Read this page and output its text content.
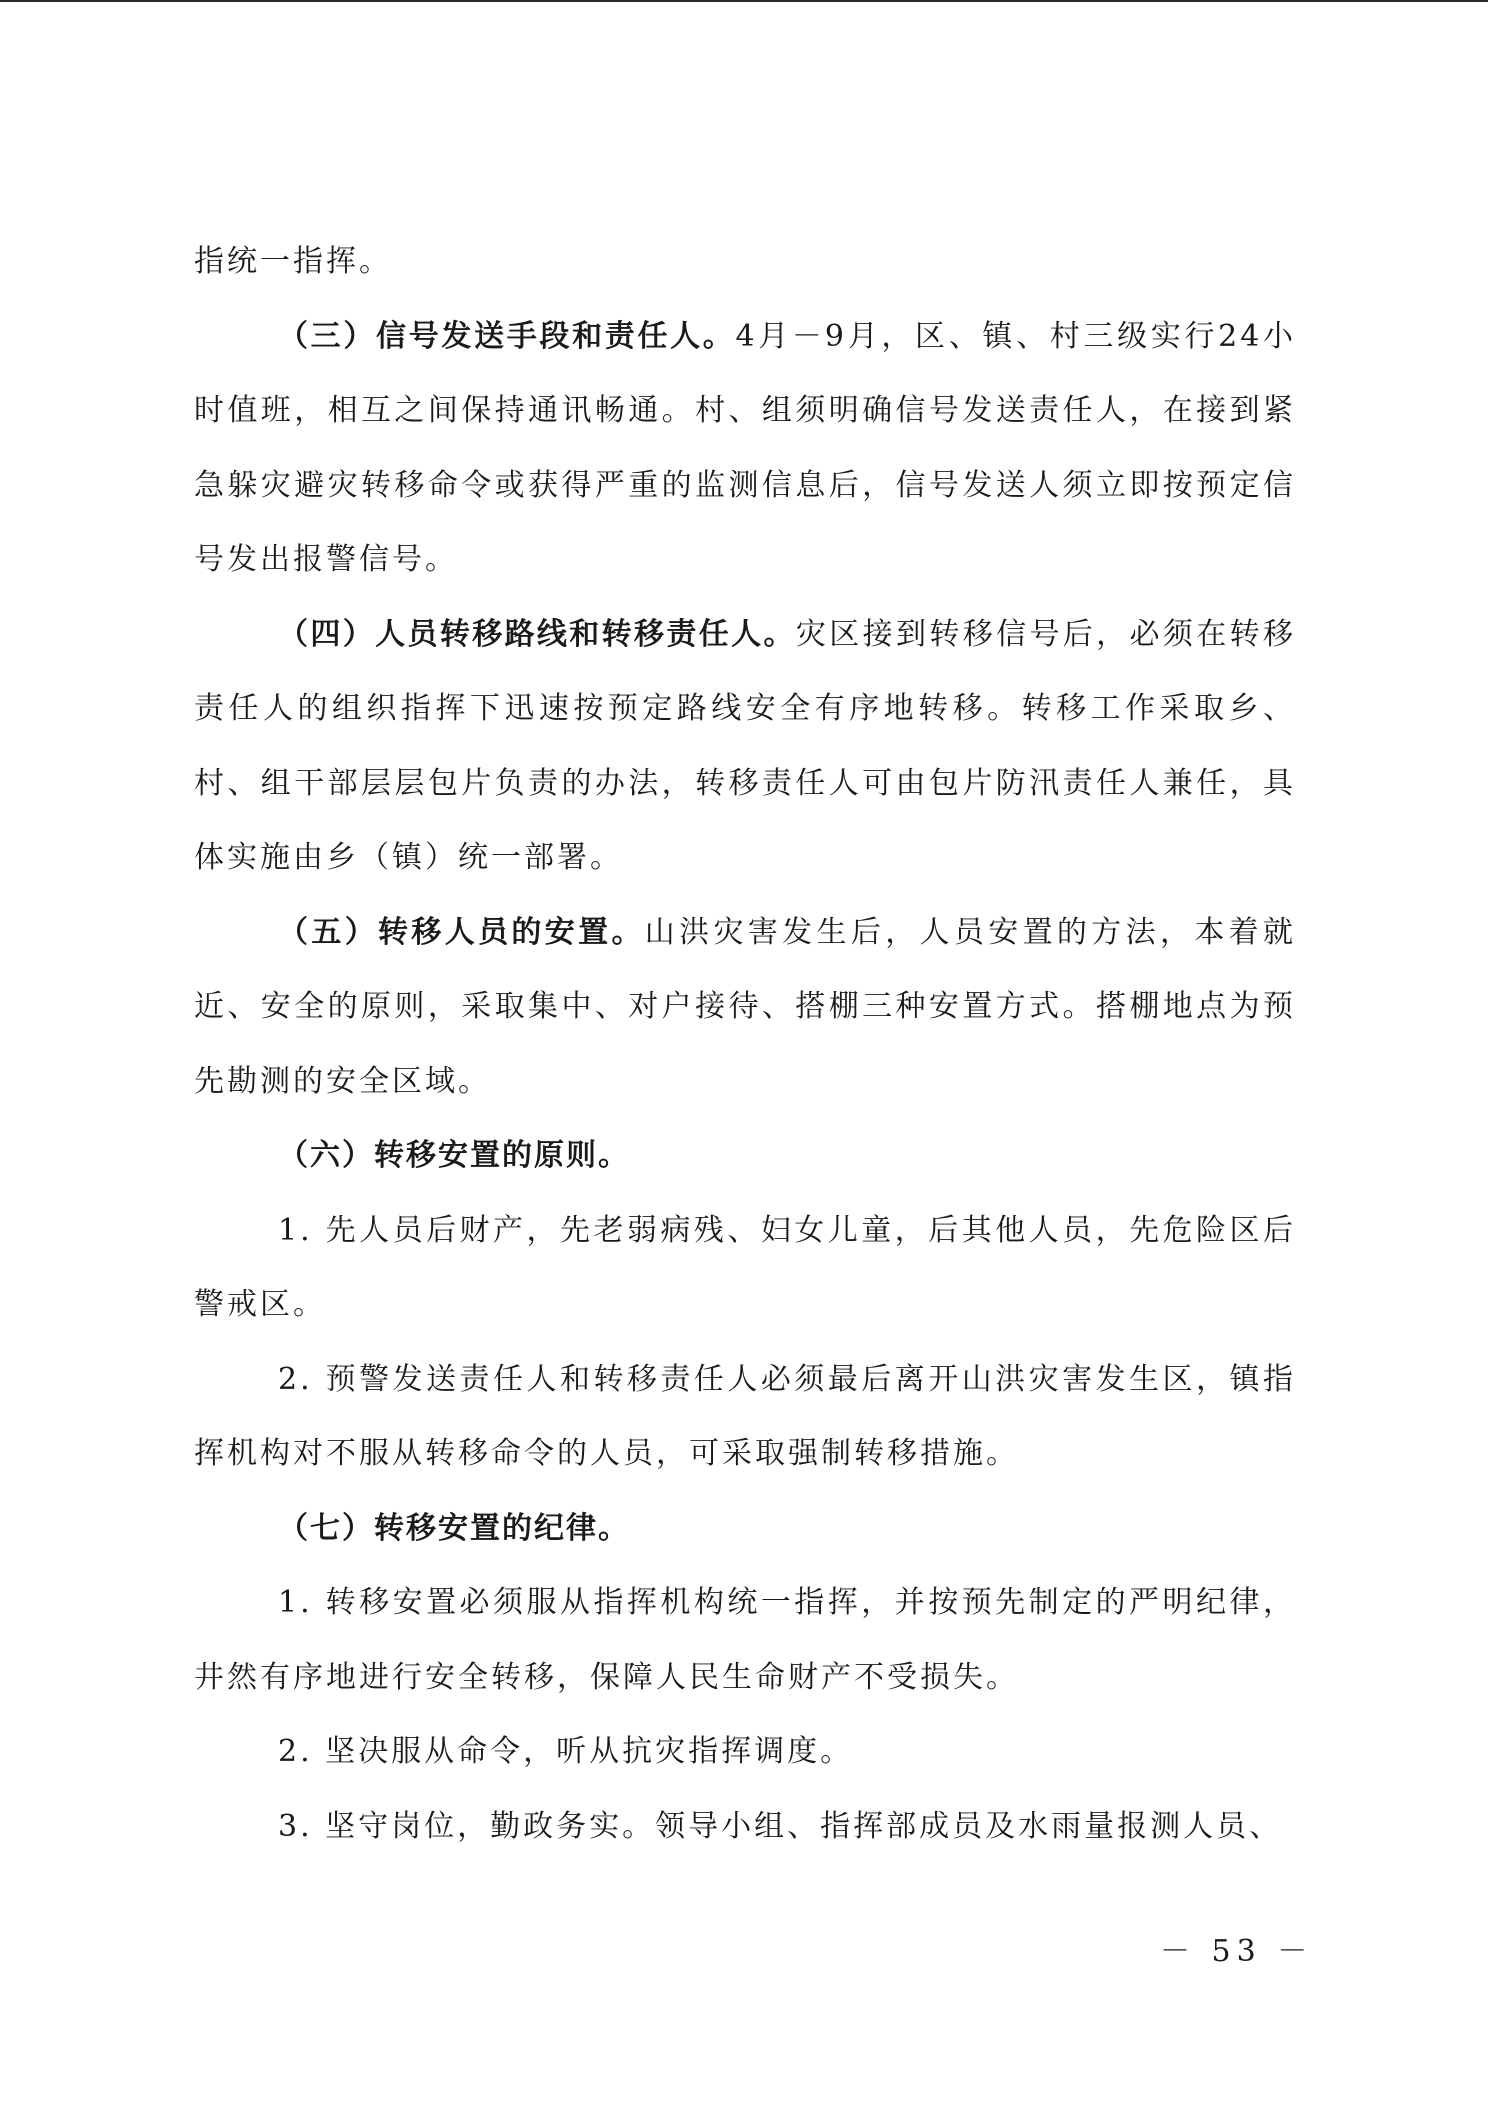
指统一指挥。

（三）信号发送手段和责任人。4月－9月，区、镇、村三级实行24小时值班，相互之间保持通讯畅通。村、组须明确信号发送责任人，在接到紧急躲灾避灾转移命令或获得严重的监测信息后，信号发送人须立即按预定信号发出报警信号。

（四）人员转移路线和转移责任人。灾区接到转移信号后，必须在转移责任人的组织指挥下迅速按预定路线安全有序地转移。转移工作采取乡、村、组干部层层包片负责的办法，转移责任人可由包片防汛责任人兼任，具体实施由乡（镇）统一部署。

（五）转移人员的安置。山洪灾害发生后，人员安置的方法，本着就近、安全的原则，采取集中、对户接待、搭棚三种安置方式。搭棚地点为预先勘测的安全区域。

（六）转移安置的原则。

1. 先人员后财产，先老弱病残、妇女儿童，后其他人员，先危险区后警戒区。

2. 预警发送责任人和转移责任人必须最后离开山洪灾害发生区，镇指挥机构对不服从转移命令的人员，可采取强制转移措施。

（七）转移安置的纪律。

1. 转移安置必须服从指挥机构统一指挥，并按预先制定的严明纪律，井然有序地进行安全转移，保障人民生命财产不受损失。

2. 坚决服从命令，听从抗灾指挥调度。

3. 坚守岗位，勤政务实。领导小组、指挥部成员及水雨量报测人员、

－ 53 －
